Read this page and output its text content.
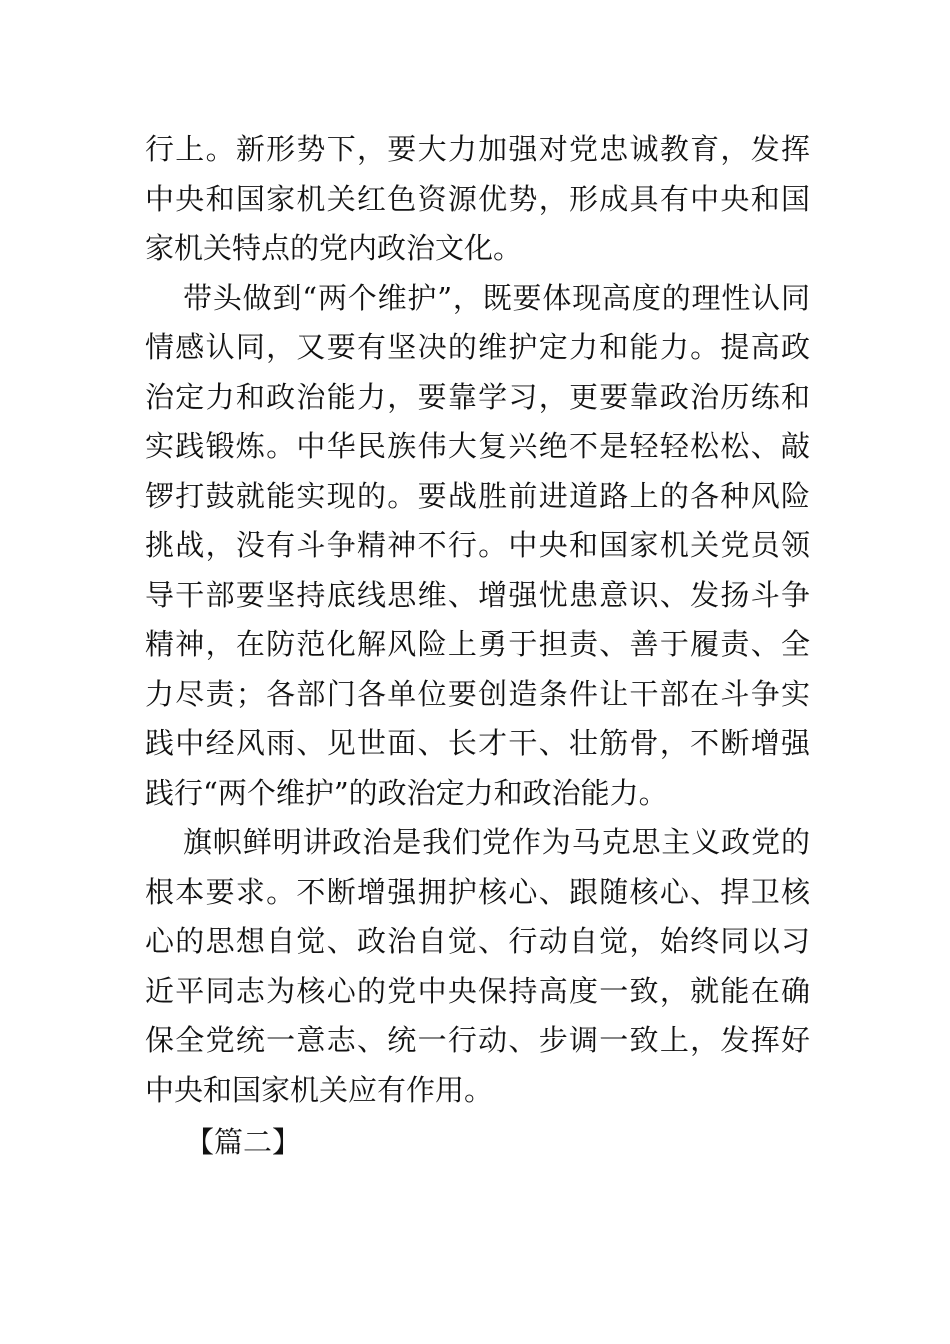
行上。新形势下，要大力加强对党忠诚教育，发挥中央和国家机关红色资源优势，形成具有中央和国家机关特点的党内政治文化。

带头做到“两个维护”，既要体现高度的理性认同情感认同，又要有坚决的维护定力和能力。提高政治定力和政治能力，要靠学习，更要靠政治历练和实践锻炼。中华民族伟大复兴绝不是轻轻松松、敲锣打鼓就能实现的。要战胜前进道路上的各种风险挑战，没有斗争精神不行。中央和国家机关党员领导干部要坚持底线思维、增强忧患意识、发扬斗争精神，在防范化解风险上勇于担责、善于履责、全力尽责；各部门各单位要创造条件让干部在斗争实践中经风雨、见世面、长才干、壮筋骨，不断增强践行“两个维护”的政治定力和政治能力。

旗帜鲜明讲政治是我们党作为马克思主义政党的根本要求。不断增强拥护核心、跟随核心、捍卫核心的思想自觉、政治自觉、行动自觉，始终同以习近平同志为核心的党中央保持高度一致，就能在确保全党统一意志、统一行动、步调一致上，发挥好中央和国家机关应有作用。

【篇二】
